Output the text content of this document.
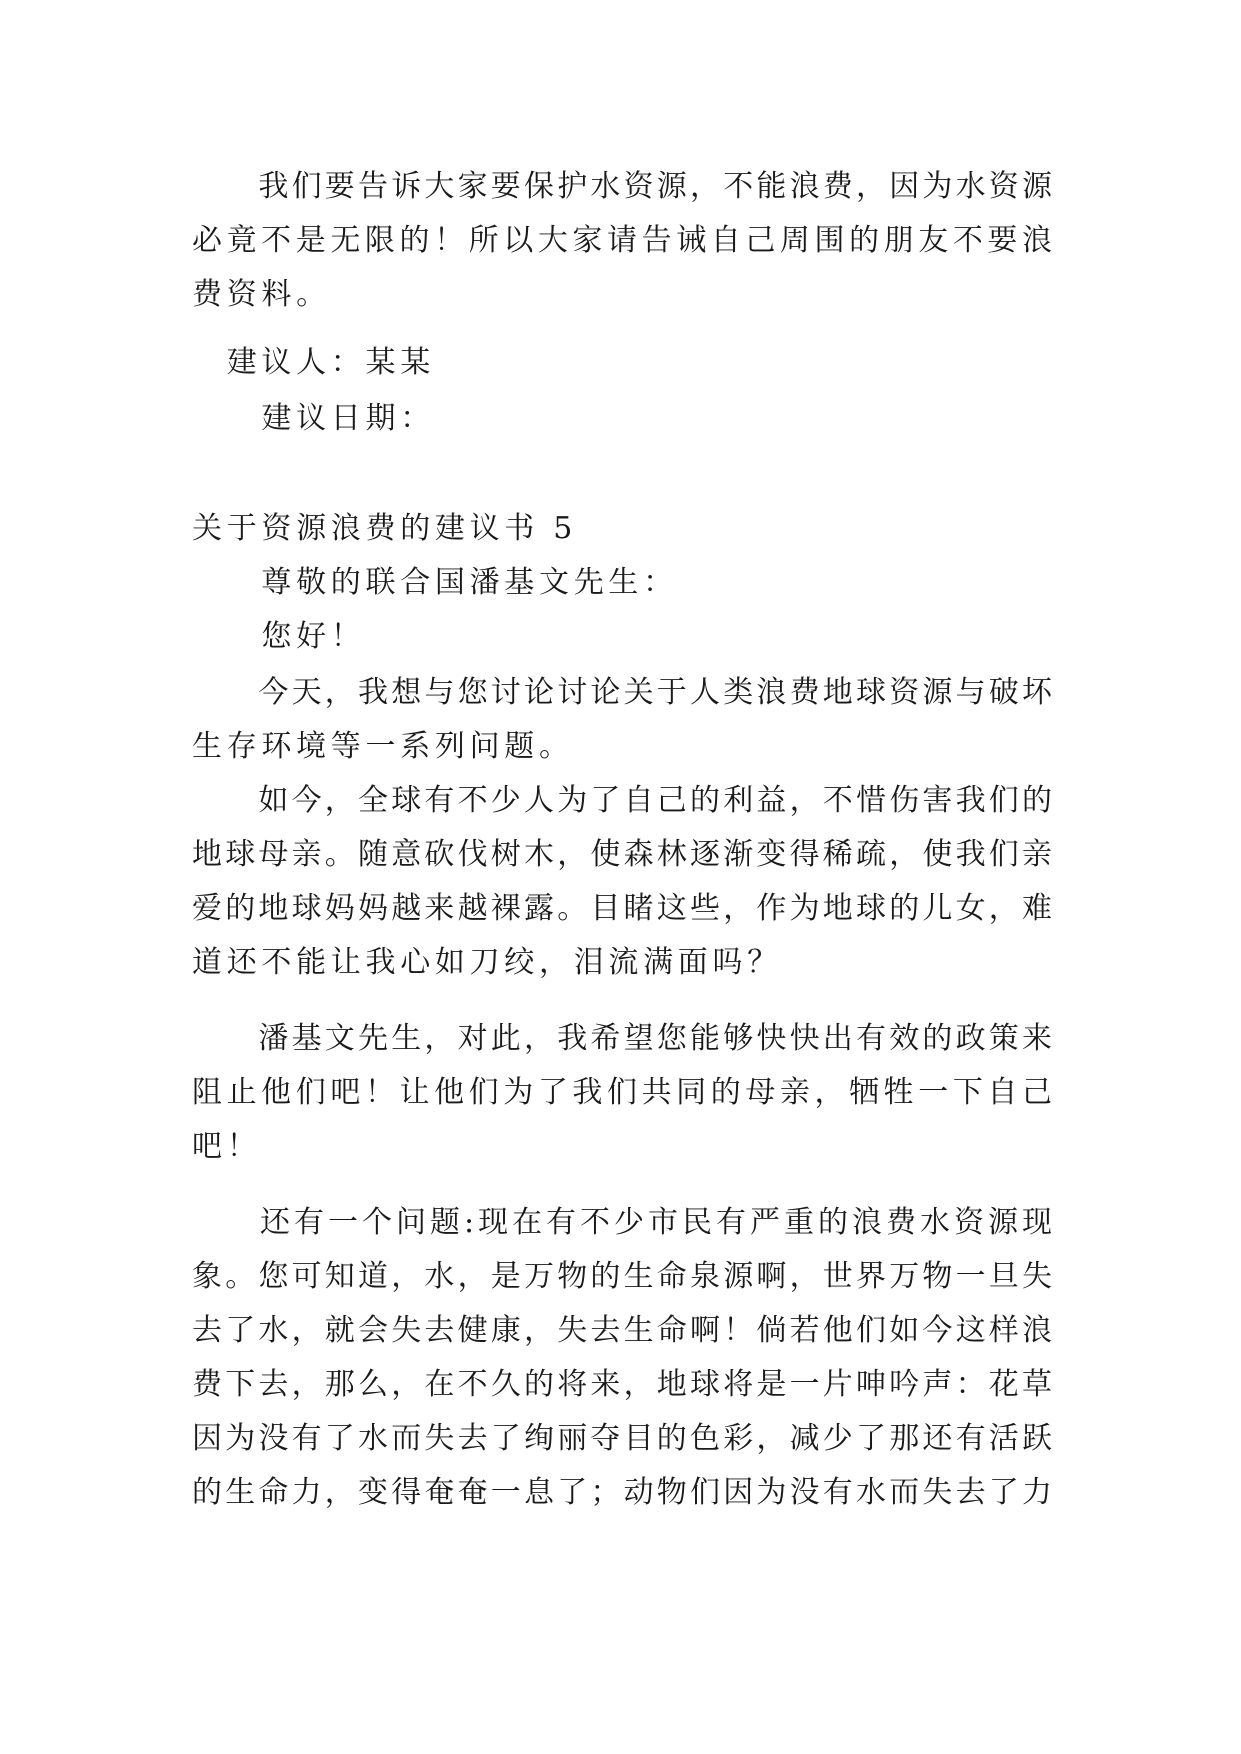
　　我们要告诉大家要保护水资源，不能浪费，因为水资源
必竟不是无限的！所以大家请告诫自己周围的朋友不要浪
费资料。
　建议人：某某
　　建议日期：
关于资源浪费的建议书 5
　　尊敬的联合国潘基文先生：
　　您好！
　　今天，我想与您讨论讨论关于人类浪费地球资源与破坏
生存环境等一系列问题。
　　如今，全球有不少人为了自己的利益，不惜伤害我们的
地球母亲。随意砍伐树木，使森林逐渐变得稀疏，使我们亲
爱的地球妈妈越来越裸露。目睹这些，作为地球的儿女，难
道还不能让我心如刀绞，泪流满面吗？
　　潘基文先生，对此，我希望您能够快快出有效的政策来
阻止他们吧！让他们为了我们共同的母亲，牺牲一下自己
吧！
　　还有一个问题:现在有不少市民有严重的浪费水资源现
象。您可知道，水，是万物的生命泉源啊，世界万物一旦失
去了水，就会失去健康，失去生命啊！倘若他们如今这样浪
费下去，那么，在不久的将来，地球将是一片呻吟声：花草
因为没有了水而失去了绚丽夺目的色彩，减少了那还有活跃
的生命力，变得奄奄一息了；动物们因为没有水而失去了力
